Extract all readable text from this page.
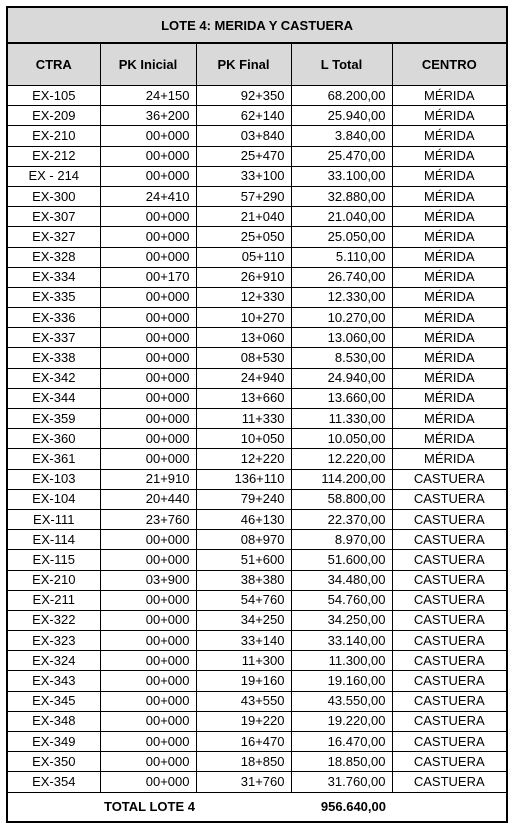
LOTE 4: MERIDA Y CASTUERA				
CTRA	PK Inicial	PK Final	L Total	CENTRO
EX-105	24+150	92+350	68.200,00	MÉRIDA
EX-209	36+200	62+140	25.940,00	MÉRIDA
EX-210	00+000	03+840	3.840,00	MÉRIDA
EX-212	00+000	25+470	25.470,00	MÉRIDA
EX - 214	00+000	33+100	33.100,00	MÉRIDA
EX-300	24+410	57+290	32.880,00	MÉRIDA
EX-307	00+000	21+040	21.040,00	MÉRIDA
EX-327	00+000	25+050	25.050,00	MÉRIDA
EX-328	00+000	05+110	5.110,00	MÉRIDA
EX-334	00+170	26+910	26.740,00	MÉRIDA
EX-335	00+000	12+330	12.330,00	MÉRIDA
EX-336	00+000	10+270	10.270,00	MÉRIDA
EX-337	00+000	13+060	13.060,00	MÉRIDA
EX-338	00+000	08+530	8.530,00	MÉRIDA
EX-342	00+000	24+940	24.940,00	MÉRIDA
EX-344	00+000	13+660	13.660,00	MÉRIDA
EX-359	00+000	11+330	11.330,00	MÉRIDA
EX-360	00+000	10+050	10.050,00	MÉRIDA
EX-361	00+000	12+220	12.220,00	MÉRIDA
EX-103	21+910	136+110	114.200,00	CASTUERA
EX-104	20+440	79+240	58.800,00	CASTUERA
EX-111	23+760	46+130	22.370,00	CASTUERA
EX-114	00+000	08+970	8.970,00	CASTUERA
EX-115	00+000	51+600	51.600,00	CASTUERA
EX-210	03+900	38+380	34.480,00	CASTUERA
EX-211	00+000	54+760	54.760,00	CASTUERA
EX-322	00+000	34+250	34.250,00	CASTUERA
EX-323	00+000	33+140	33.140,00	CASTUERA
EX-324	00+000	11+300	11.300,00	CASTUERA
EX-343	00+000	19+160	19.160,00	CASTUERA
EX-345	00+000	43+550	43.550,00	CASTUERA
EX-348	00+000	19+220	19.220,00	CASTUERA
EX-349	00+000	16+470	16.470,00	CASTUERA
EX-350	00+000	18+850	18.850,00	CASTUERA
EX-354	00+000	31+760	31.760,00	CASTUERA
TOTAL LOTE 4			956.640,00	
